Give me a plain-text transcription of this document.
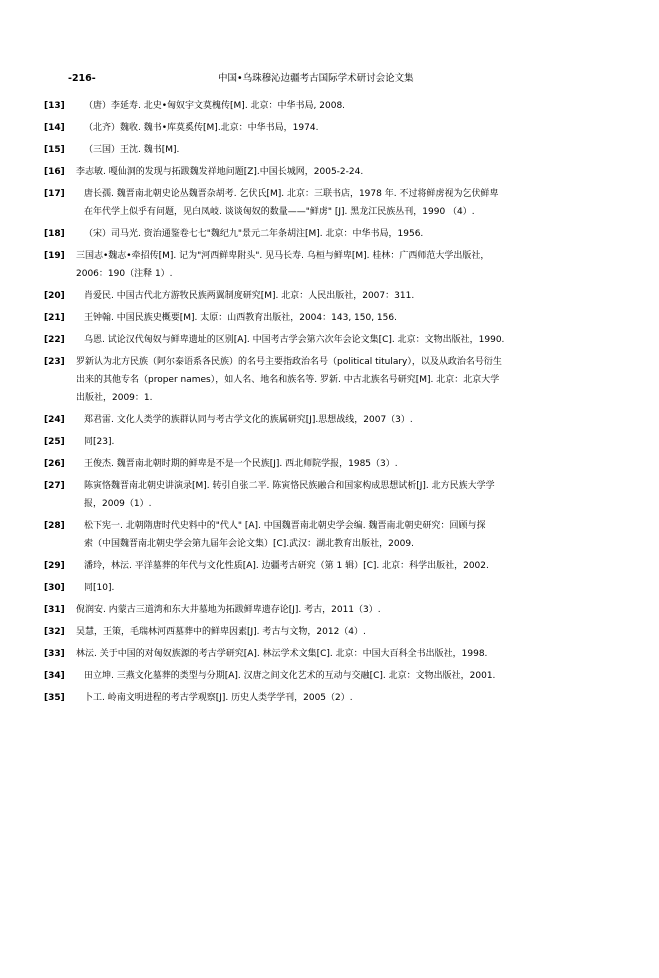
-216-	中国•乌珠穆沁边疆考古国际学术研讨会论文集
[13]	（唐）李延寿. 北史•匈奴宇文莫槐传[M]. 北京：中华书局, 2008.
[14]	（北齐）魏收. 魏书•库莫奚传[M].北京：中华书局，1974.
[15]	（三国）王沈. 魏书[M].
[16]	李志敏. 嘎仙洞的发现与拓跋魏发祥地问题[Z].中国长城网，2005-2-24.
[17]	唐长孺. 魏晋南北朝史论丛魏晋杂胡考. 乞伏氏[M]. 北京：三联书店，1978 年. 不过将鲜虏视为乞伏鲜卑
在年代学上似乎有问题，见白凤岐. 谈谈匈奴的数量——"鲜虏" [J]. 黑龙江民族丛刊，1990 （4）.
[18]	（宋）司马光. 资治通鉴卷七七"魏纪九"景元二年条胡注[M]. 北京：中华书局，1956.
[19]	三国志•魏志•牵招传[M]. 记为"河西鲜卑附头". 见马长寿. 乌桓与鲜卑[M]. 桂林：广西师范大学出版社，
2006：190（注释 1）.
[20]	肖爱民. 中国古代北方游牧民族两翼制度研究[M]. 北京：人民出版社，2007：311.
[21]	王钟翰. 中国民族史概要[M]. 太原：山西教育出版社，2004：143, 150, 156.
[22]	乌恩. 试论汉代匈奴与鲜卑遗址的区别[A]. 中国考古学会第六次年会论文集[C]. 北京：文物出版社，1990.
[23]	罗新认为北方民族（阿尔泰语系各民族）的名号主要指政治名号（political titulary），以及从政治名号衍生
出来的其他专名（proper names），如人名、地名和族名等. 罗新. 中古北族名号研究[M]. 北京：北京大学
出版社，2009：1.
[24]	郑君雷. 文化人类学的族群认同与考古学文化的族属研究[J].思想战线，2007（3）.
[25]	同[23].
[26]	王俊杰. 魏晋南北朝时期的鲜卑是不是一个民族[J]. 西北师院学报，1985（3）.
[27]	陈寅恪魏晋南北朝史讲演录[M]. 转引自张二平. 陈寅恪民族融合和国家构成思想试析[J]. 北方民族大学学
报，2009（1）.
[28]	松下宪一. 北朝隋唐时代史料中的"代人" [A]. 中国魏晋南北朝史学会编. 魏晋南北朝史研究：回顾与探
索（中国魏晋南北朝史学会第九届年会论文集）[C].武汉：湖北教育出版社，2009.
[29]	潘玲，林沄. 平洋墓葬的年代与文化性质[A]. 边疆考古研究（第 1 辑）[C]. 北京：科学出版社，2002.
[30]	同[10].
[31]	倪润安. 内蒙古三道湾和东大井墓地为拓跋鲜卑遗存论[J]. 考古，2011（3）.
[32]	吴慧，王策，毛瑞林河西墓葬中的鲜卑因素[J]. 考古与文物，2012（4）.
[33]	林沄. 关于中国的对匈奴族源的考古学研究[A]. 林沄学术文集[C]. 北京：中国大百科全书出版社，1998.
[34]	田立坤. 三燕文化墓葬的类型与分期[A]. 汉唐之间文化艺术的互动与交融[C]. 北京：文物出版社，2001.
[35]	卜工. 岭南文明进程的考古学观察[J]. 历史人类学学刊，2005（2）.
